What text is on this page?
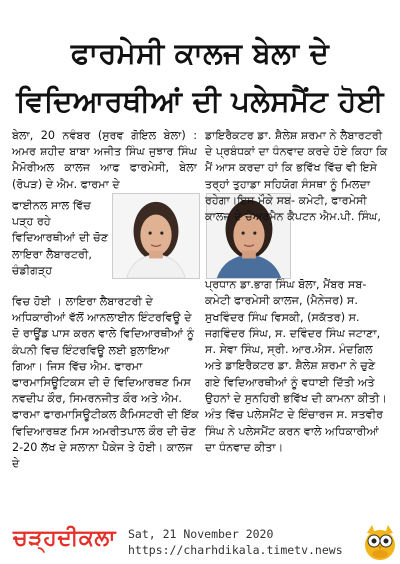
ਫਾਰਮੇਸੀ ਕਾਲਜ ਬੇਲਾ ਦੇ
ਵਿਦਿਆਰਥੀਆਂ ਦੀ ਪਲੇਸਮੈਂਟ ਹੋਈ

ਬੇਲਾ, 20 ਨਵੰਬਰ (ਸੁਰਵ ਗੋਇਲ ਬੇਲਾ) : ਅਮਰ ਸ਼ਹੀਦ ਬਾਬਾ ਅਜੀਤ ਸਿੰਘ ਜੁਝਾਰ ਸਿੰਘ ਮੈਮੋਰੀਅਲ ਕਾਲਜ ਆਫ ਫਾਰਮੇਸੀ, ਬੇਲਾ (ਰੋਪੜ) ਦੇ ਐਮ. ਫਾਰਮਾ ਦੇ

ਫਾਈਨਲ ਸਾਲ ਵਿੱਚ ਪੜ੍ਹ ਰਹੇ ਵਿਦਿਆਰਥੀਆਂ ਦੀ ਚੋਣ ਲਾਇਰਾ ਲੈਬਾਰਟਰੀ, ਚੰਡੀਗੜ੍ਹ
ਵਿਚ ਹੋਈ । ਲਾਇਰਾ ਲੈਬਾਰਟਰੀ ਦੇ ਅਧਿਕਾਰੀਆਂ ਵੱਲੋਂ ਆਨਲਾਈਨ ਇੰਟਰਵਿਊ ਦੇ ਦੋ ਰਾਊਂਡ ਪਾਸ ਕਰਨ ਵਾਲੇ ਵਿਦਿਆਰਥੀਆਂ ਨੂੰ ਕੰਪਨੀ ਵਿਚ ਇੰਟਰਵਿਊ ਲਈ ਬੁਲਾਇਆ ਗਿਆ। ਜਿਸ ਵਿੱਚ ਐਮ. ਫਾਰਮਾ ਫਾਰਮਾਸਿਊਟਿਕਸ ਦੀ ਦੋ ਵਿਦਿਆਰਥਣ ਮਿਸ ਨਵਦੀਪ ਕੌਰ, ਸਿਮਰਨਜੀਤ ਕੌਰ ਅਤੇ ਐਮ. ਫਾਰਮਾ ਫਾਰਮਾਸਿਊਟੀਕਲ ਕੈਮਿਸਟਰੀ ਦੀ ਇੱਕ ਵਿਦਿਆਰਥਣ ਮਿਸ ਅਮਰੀਤਪਾਲ ਕੌਰ ਦੀ ਚੋਣ 2-20 ਲੱਖ ਦੇ ਸਲਾਨਾ ਪੈਕੇਜ ਤੇ ਹੋਈ। ਕਾਲਜ ਦੇ
ਡਾਇਰੈਕਟਰ ਡਾ. ਸ਼ੈਲੇਸ਼ ਸ਼ਰਮਾ ਨੇ ਲੈਬਾਰਟਰੀ ਦੇ ਪ੍ਰਬੰਧਕਾਂ ਦਾ ਧੰਨਵਾਦ ਕਰਦੇ ਹੋਏ ਕਿਹਾ ਕਿ ਮੈਂ ਆਸ ਕਰਦਾ ਹਾਂ ਕਿ ਭਵਿੱਖ ਵਿੱਚ ਵੀ ਇਸੇ ਤਰ੍ਹਾਂ ਤੁਹਾਡਾ ਸਹਿਯੋਗ ਸੰਸਥਾ ਨੂੰ ਮਿਲਦਾ ਰਹੇਗਾ।ਇਸ ਮੌਕੇ ਸਬ- ਕਮੇਟੀ, ਫਾਰਮੇਸੀ ਕਾਲਜ ਦੇ ਚੇਅਰਮੈਨ ਕੈਪਟਨ ਐਮ.ਪੀ. ਸਿੰਘ,
ਪ੍ਰਧਾਨ ਡਾ.ਭਾਗ ਸਿੰਘ ਬੋਲਾ, ਮੈਂਬਰ ਸਬ-ਕਮੇਟੀ ਫਾਰਮੇਸੀ ਕਾਲਜ, (ਮੈਨੇਜਰ) ਸ. ਸੁਖਵਿੰਦਰ ਸਿੰਘ ਵਿਸਕੀ, (ਸਕੱਤਰ) ਸ. ਜਗਵਿੰਦਰ ਸਿੰਘ, ਸ. ਦਵਿੰਦਰ ਸਿੰਘ ਜਟਾਣਾ, ਸ. ਸੇਵਾ ਸਿੰਘ, ਸ੍ਰੀ. ਆਰ.ਐਸ. ਮੰਦਗਿਲ ਅਤੇ ਡਾਇਰੈਕਟਰ ਡਾ. ਸ਼ੈਲੇਸ਼ ਸ਼ਰਮਾ ਨੇ ਚੁਣੇ ਗਏ ਵਿਦਿਆਰਥੀਆਂ ਨੂੰ ਵਧਾਈ ਦਿੱਤੀ ਅਤੇ ਉਹਨਾਂ ਦੇ ਸੁਨਹਿਰੀ ਭਵਿੱਖ ਦੀ ਕਾਮਨਾ ਕੀਤੀ। ਅੰਤ ਵਿੱਚ ਪਲੇਸਮੈਂਟ ਦੇ ਇੰਚਾਰਜ ਸ. ਸਤਵੀਰ ਸਿੰਘ ਨੇ ਪਲੇਸਮੈਂਟ ਕਰਨ ਵਾਲੇ ਅਧਿਕਾਰੀਆਂ ਦਾ ਧੰਨਵਾਦ ਕੀਤਾ।
ਚੜ੍ਹਦੀਕਲਾ Sat, 21 November 2020
https://charhdikala.timetv.news
